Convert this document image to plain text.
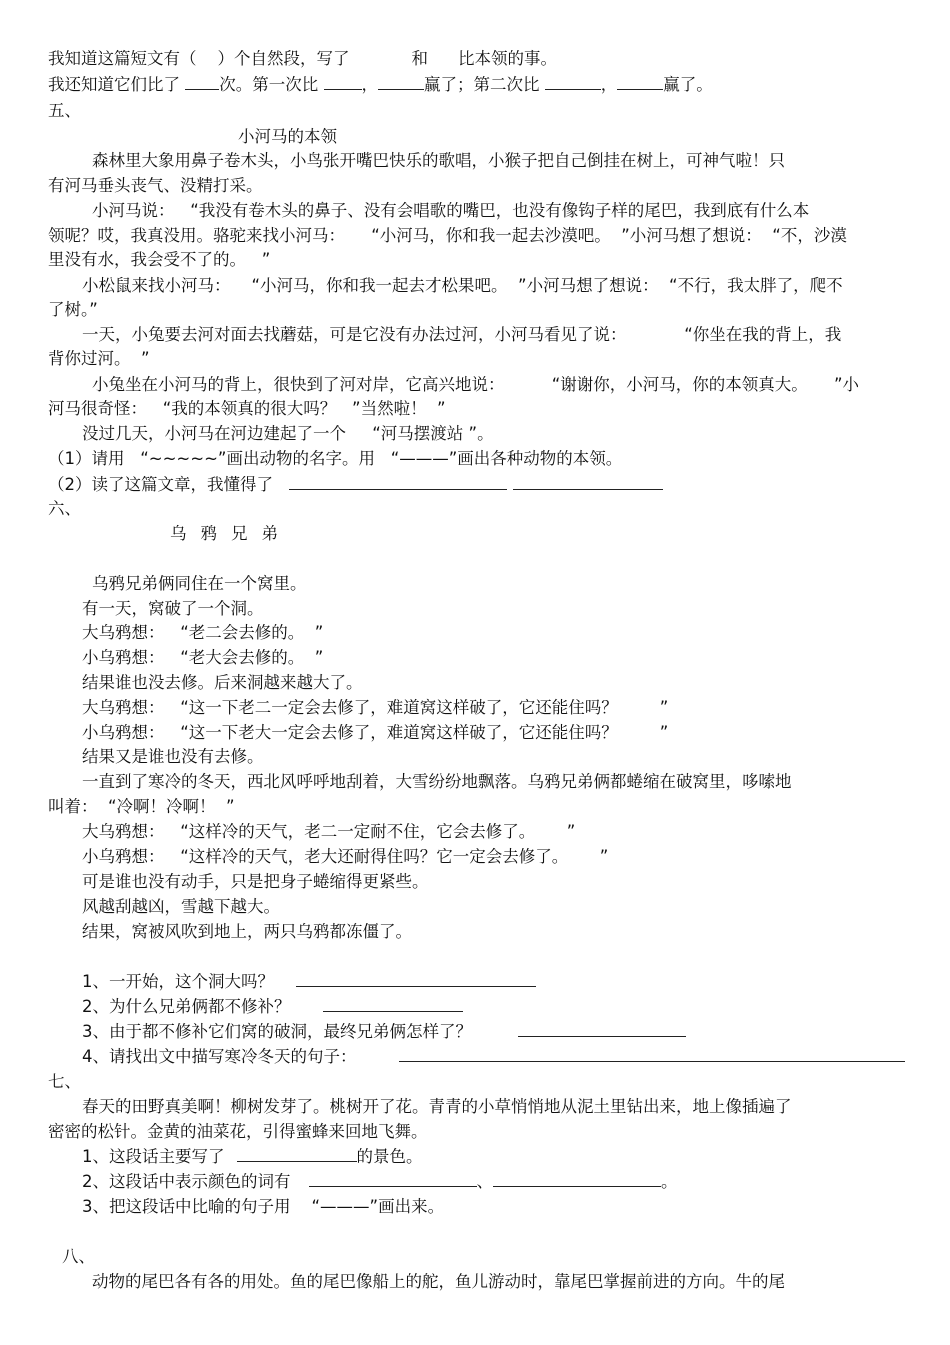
我知道这篇短文有（    ）个自然段，写了	和 比本领的事。
我还知道它们比了 次。第一次比	，	赢了；第二次比	，	赢了。
五、
小河马的本领
森林里大象用鼻子卷木头，小鸟张开嘴巴快乐的歌唱，小猴子把自己倒挂在树上，可神气啦！只
有河马垂头丧气、没精打采。
小河马说：   “我没有卷木头的鼻子、没有会唱歌的嘴巴，也没有像钩子样的尾巴，我到底有什么本
领呢？哎，我真没用。骆驼来找小河马：     “小河马，你和我一起去沙漠吧。  ”小河马想了想说：  “不，沙漠
里没有水，我会受不了的。   ”
小松鼠来找小河马：    “小河马，你和我一起去才松果吧。  ”小河马想了想说：  “不行，我太胖了，爬不
了树。”
一天，小兔要去河对面去找蘑菇，可是它没有办法过河，小河马看见了说：           “你坐在我的背上，我
背你过河。  ”
小兔坐在小河马的背上，很快到了河对岸，它高兴地说：         “谢谢你，小河马，你的本领真大。     ”小
河马很奇怪：   “我的本领真的很大吗？   ”当然啦！  ”
没过几天，小河马在河边建起了一个     “河马摆渡站 ”。
（1）请用   “~~~~~”画出动物的名字。用   “———”画出各种动物的本领。
（2）读了这篇文章，我懂得了
六、
乌鸦兄弟
乌鸦兄弟俩同住在一个窝里。
有一天，窝破了一个洞。
大乌鸦想：   “老二会去修的。  ”
小乌鸦想：   “老大会去修的。  ”
结果谁也没去修。后来洞越来越大了。
大乌鸦想：   “这一下老二一定会去修了，难道窝这样破了，它还能住吗？        ”
小乌鸦想：   “这一下老大一定会去修了，难道窝这样破了，它还能住吗？        ”
结果又是谁也没有去修。
一直到了寒冷的冬天，西北风呼呼地刮着，大雪纷纷地飘落。乌鸦兄弟俩都蜷缩在破窝里，哆嗦地
叫着：  “冷啊！冷啊！  ”
大乌鸦想：   “这样冷的天气，老二一定耐不住，它会去修了。      ”
小乌鸦想：   “这样冷的天气，老大还耐得住吗？它一定会去修了。      ”
可是谁也没有动手，只是把身子蜷缩得更紧些。
风越刮越凶，雪越下越大。
结果，窝被风吹到地上，两只乌鸦都冻僵了。
1、一开始，这个洞大吗？
2、为什么兄弟俩都不修补？
3、由于都不修补它们窝的破洞，最终兄弟俩怎样了？
4、请找出文中描写寒冷冬天的句子：
七、
春天的田野真美啊！柳树发芽了。桃树开了花。青青的小草悄悄地从泥土里钻出来，地上像插遍了
密密的松针。金黄的油菜花，引得蜜蜂来回地飞舞。
1、这段话主要写了	的景色。
2、这段话中表示颜色的词有	、	。
3、把这段话中比喻的句子用    “———”画出来。
八、
动物的尾巴各有各的用处。鱼的尾巴像船上的舵，鱼儿游动时，靠尾巴掌握前进的方向。牛的尾
